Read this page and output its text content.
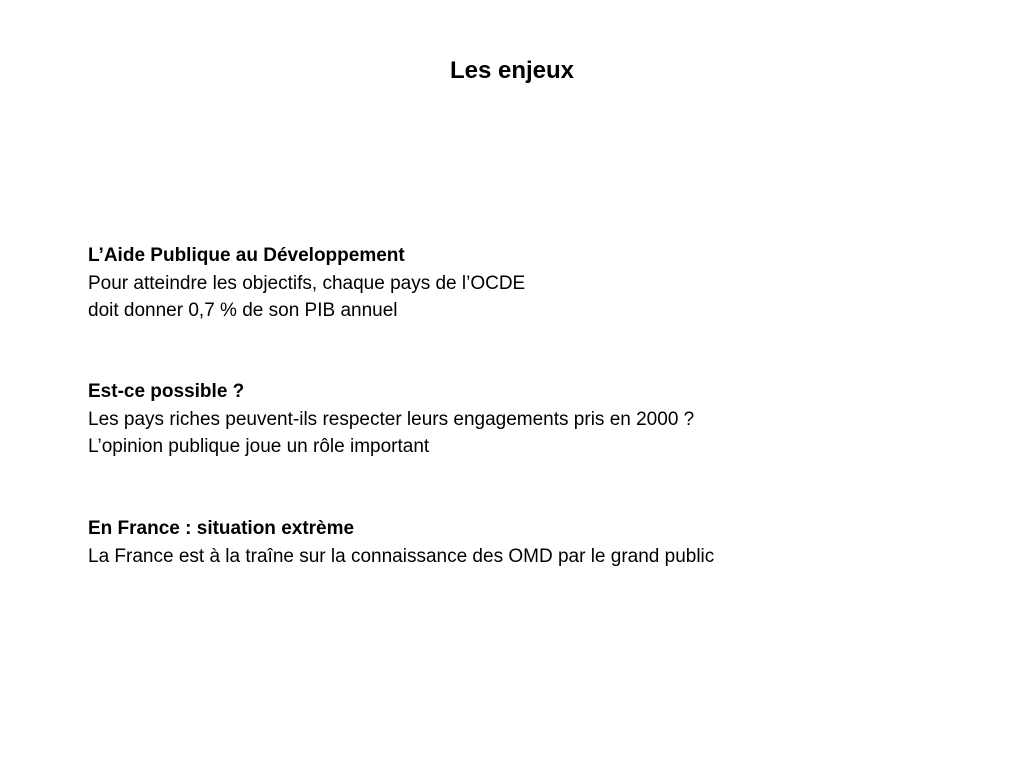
Les enjeux
L’Aide Publique au Développement
Pour atteindre les objectifs, chaque pays de l’OCDE
doit donner 0,7 % de son PIB annuel
Est-ce possible ?
Les pays riches peuvent-ils respecter leurs engagements pris en 2000 ?
L’opinion publique joue un rôle important
En France : situation extrème
La France est à la traîne sur la connaissance des OMD par le grand public
